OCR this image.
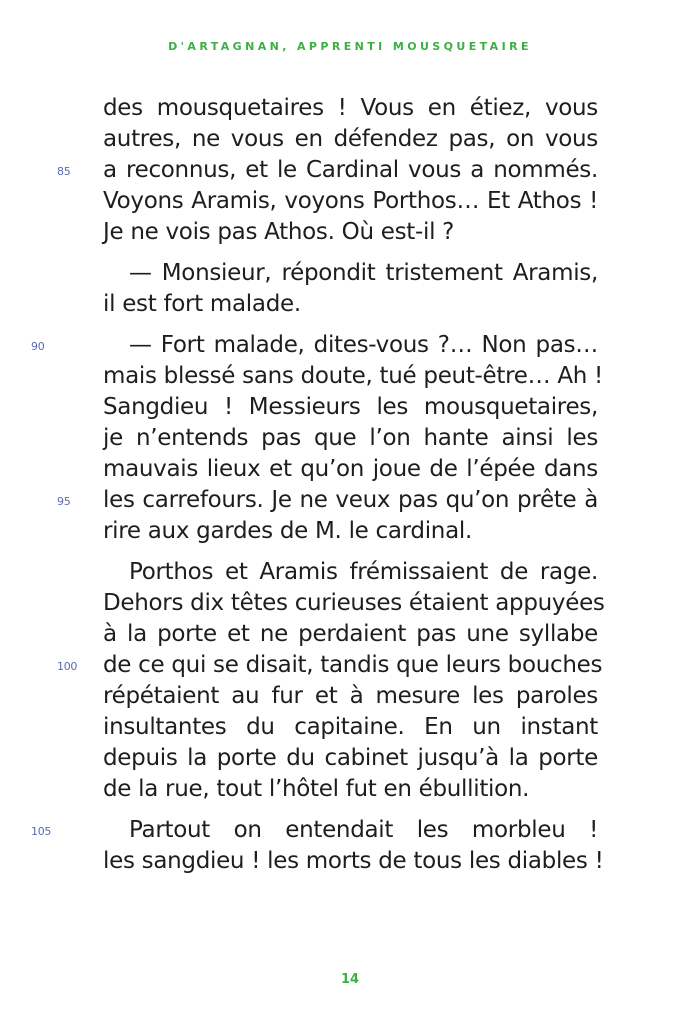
D'ARTAGNAN, APPRENTI MOUSQUETAIRE
des mousquetaires ! Vous en étiez, vous
autres, ne vous en défendez pas, on vous
85	a reconnus, et le Cardinal vous a nommés.
Voyons Aramis, voyons Porthos… Et Athos !
Je ne vois pas Athos. Où est-il ?
— Monsieur, répondit tristement Aramis,
il est fort malade.
90	— Fort malade, dites-vous ?… Non pas…
mais blessé sans doute, tué peut-être… Ah !
Sangdieu ! Messieurs les mousquetaires,
je n’entends pas que l’on hante ainsi les
mauvais lieux et qu’on joue de l’épée dans
95	les carrefours. Je ne veux pas qu’on prête à
rire aux gardes de M. le cardinal.
Porthos et Aramis frémissaient de rage.
Dehors dix têtes curieuses étaient appuyées
à la porte et ne perdaient pas une syllabe
100	de ce qui se disait, tandis que leurs bouches
répétaient au fur et à mesure les paroles
insultantes du capitaine. En un instant
depuis la porte du cabinet jusqu’à la porte
de la rue, tout l’hôtel fut en ébullition.
105	Partout on entendait les morbleu !
les sangdieu ! les morts de tous les diables !
14
